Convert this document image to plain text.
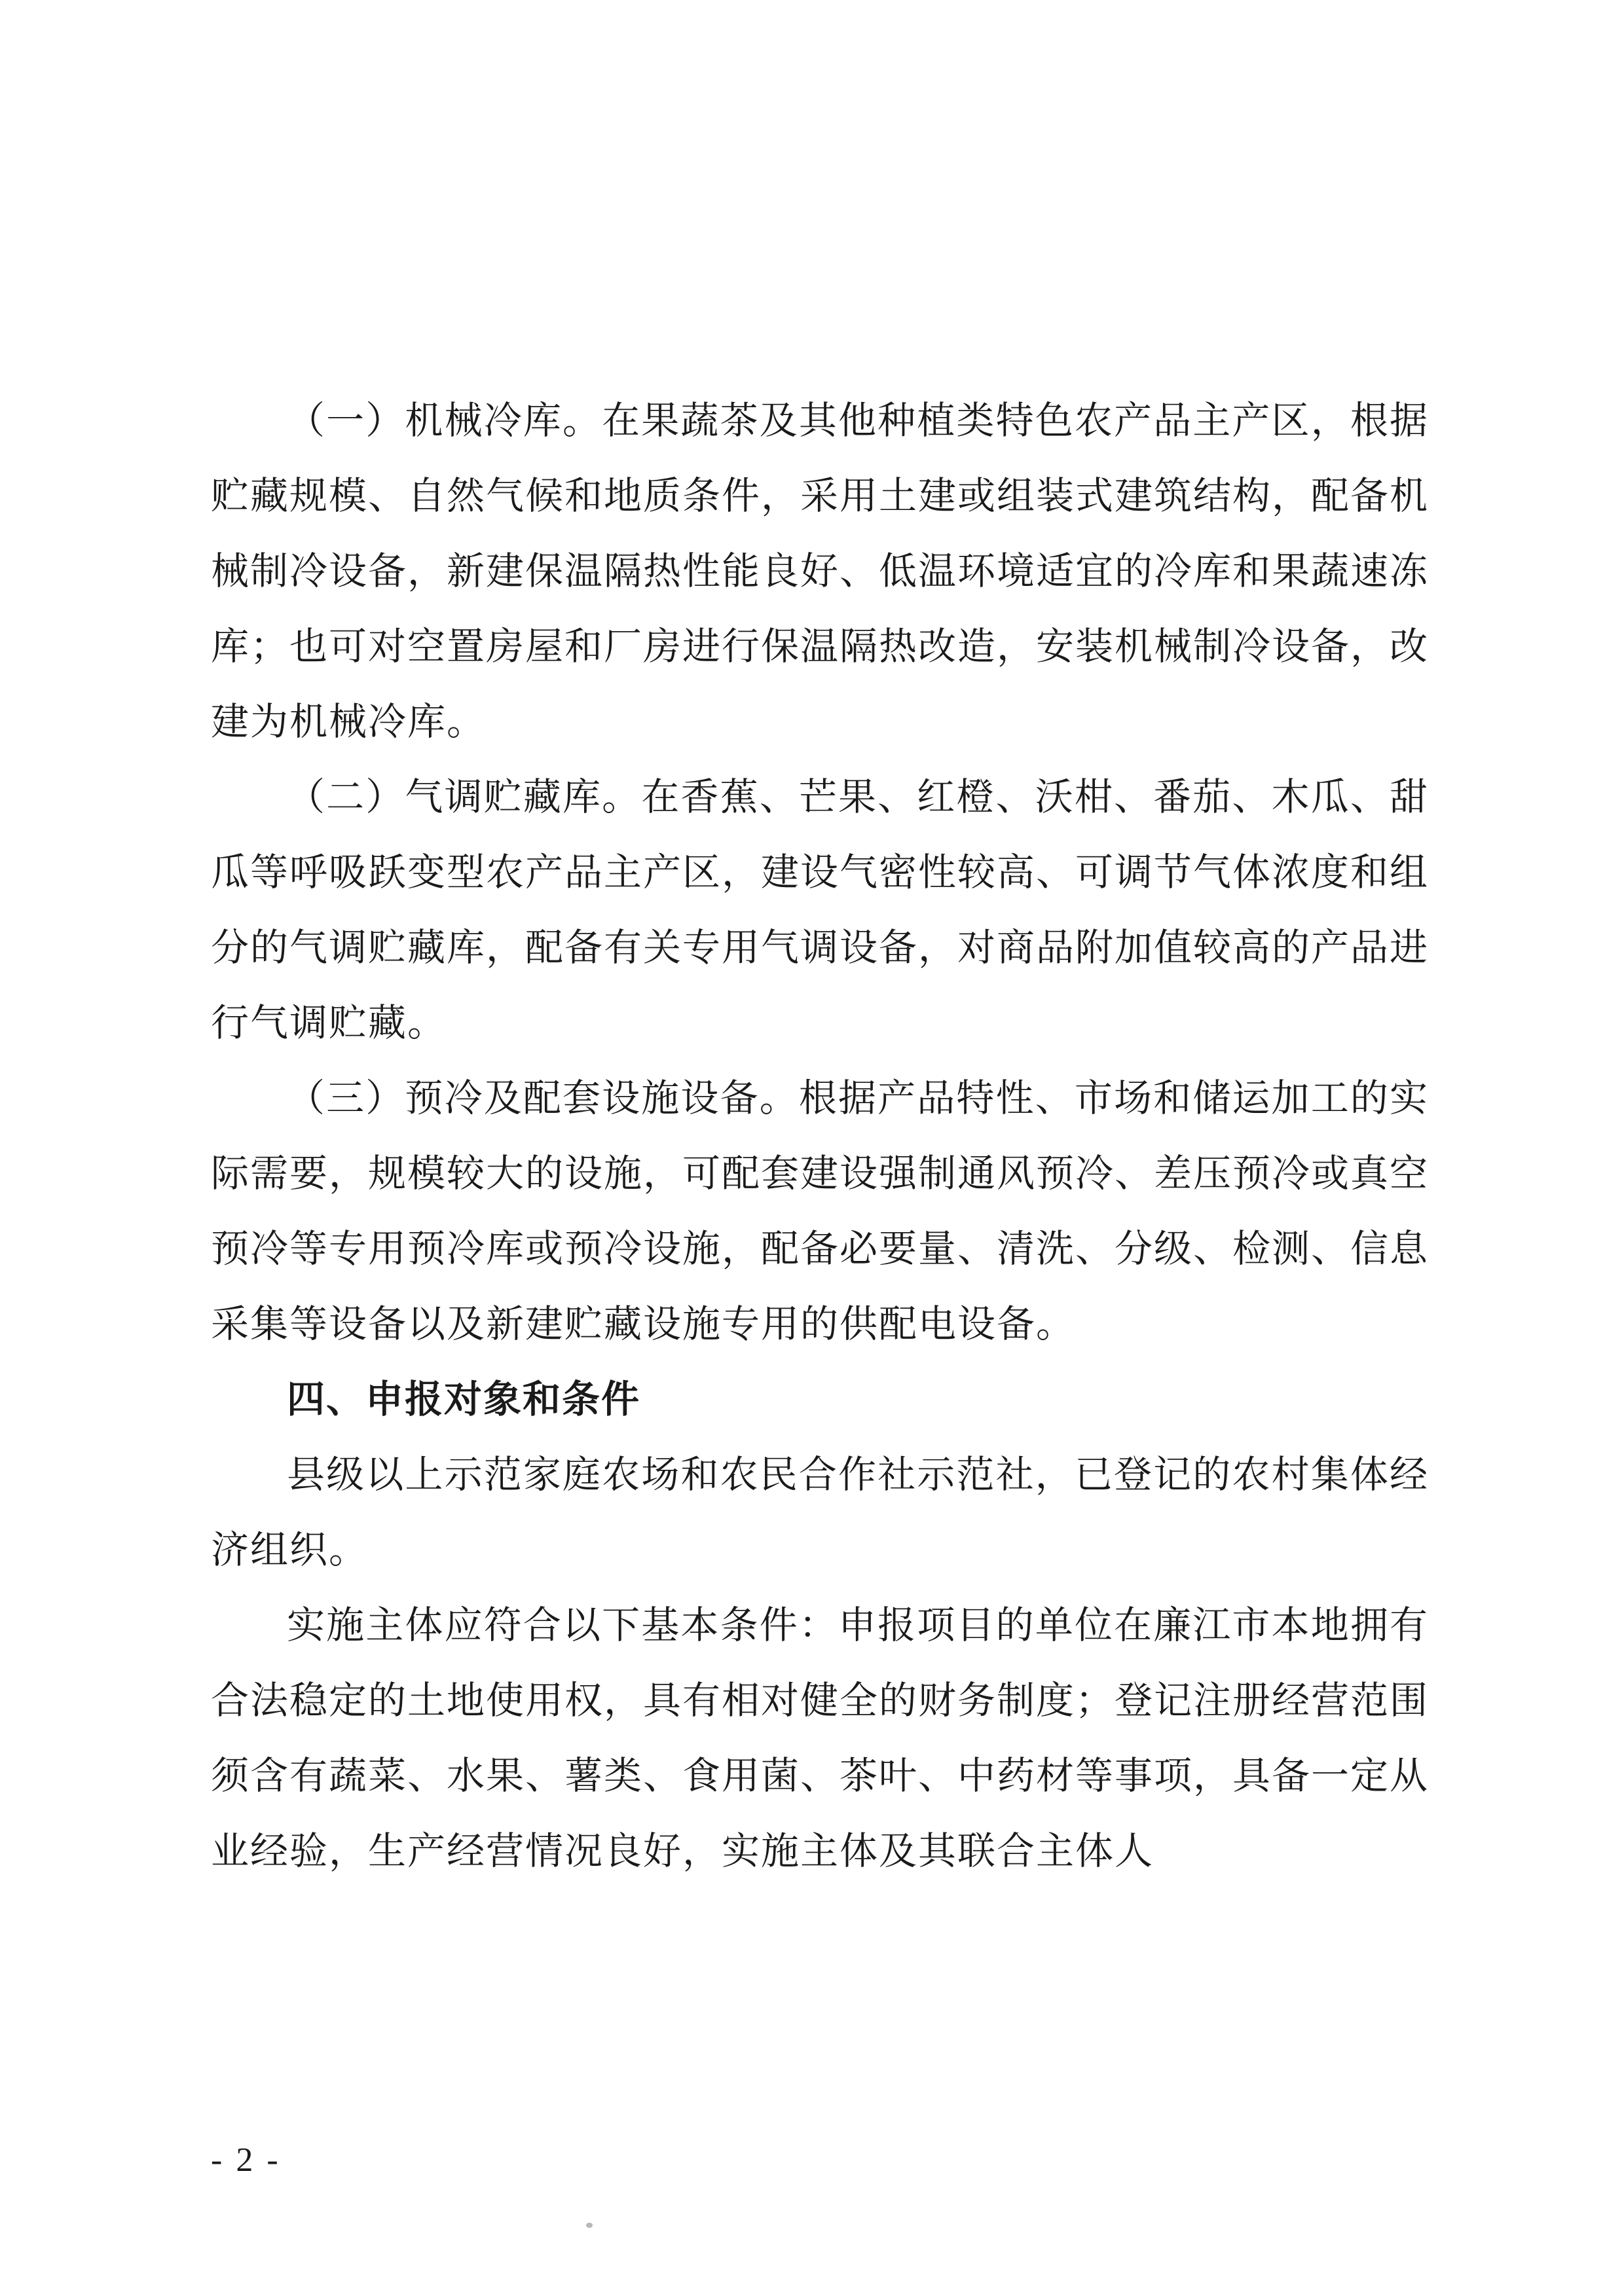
（一）机械冷库。在果蔬茶及其他种植类特色农产品主产区，根据贮藏规模、自然气候和地质条件，采用土建或组装式建筑结构，配备机械制冷设备，新建保温隔热性能良好、低温环境适宜的冷库和果蔬速冻库；也可对空置房屋和厂房进行保温隔热改造，安装机械制冷设备，改建为机械冷库。

（二）气调贮藏库。在香蕉、芒果、红橙、沃柑、番茄、木瓜、甜瓜等呼吸跃变型农产品主产区，建设气密性较高、可调节气体浓度和组分的气调贮藏库，配备有关专用气调设备，对商品附加值较高的产品进行气调贮藏。

（三）预冷及配套设施设备。根据产品特性、市场和储运加工的实际需要，规模较大的设施，可配套建设强制通风预冷、差压预冷或真空预冷等专用预冷库或预冷设施，配备必要量、清洗、分级、检测、信息采集等设备以及新建贮藏设施专用的供配电设备。

四、申报对象和条件

县级以上示范家庭农场和农民合作社示范社，已登记的农村集体经济组织。

实施主体应符合以下基本条件：申报项目的单位在廉江市本地拥有合法稳定的土地使用权，具有相对健全的财务制度；登记注册经营范围须含有蔬菜、水果、薯类、食用菌、茶叶、中药材等事项，具备一定从业经验，生产经营情况良好，实施主体及其联合主体人

- 2 -
